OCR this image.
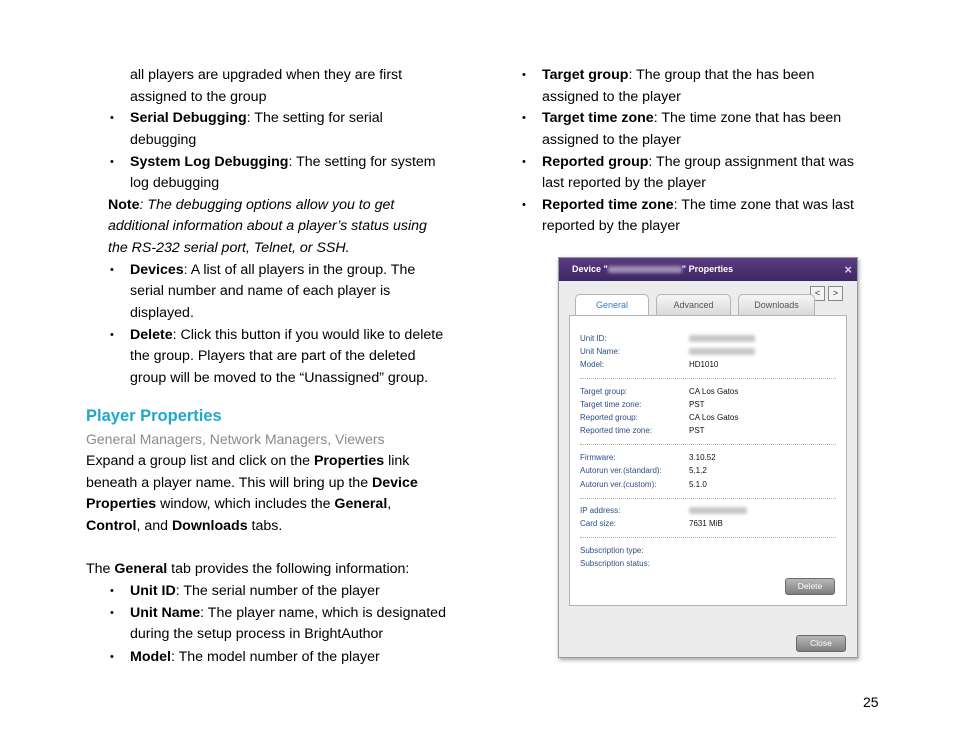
all players are upgraded when they are first
assigned to the group
• Serial Debugging: The setting for serial
debugging
• System Log Debugging: The setting for system
log debugging
Note: The debugging options allow you to get
additional information about a player’s status using
the RS-232 serial port, Telnet, or SSH.
• Devices: A list of all players in the group. The
serial number and name of each player is
displayed.
• Delete: Click this button if you would like to delete
the group. Players that are part of the deleted
group will be moved to the “Unassigned” group.
Player Properties
General Managers, Network Managers, Viewers
Expand a group list and click on the Properties link
beneath a player name. This will bring up the Device
Properties window, which includes the General,
Control, and Downloads tabs.
The General tab provides the following information:
• Unit ID: The serial number of the player
• Unit Name: The player name, which is designated
during the setup process in BrightAuthor
• Model: The model number of the player
• Target group: The group that the has been
assigned to the player
• Target time zone: The time zone that has been
assigned to the player
• Reported group: The group assignment that was
last reported by the player
• Reported time zone: The time zone that was last
reported by the player
Device "	" Properties	×
<	>
General	Advanced	Downloads
Unit ID:
Unit Name:
Model:	HD1010
Target group:	CA Los Gatos
Target time zone:	PST
Reported group:	CA Los Gatos
Reported time zone:	PST
Firmware:	3.10.52
Autorun ver.(standard):	5.1.2
Autorun ver.(custom):	5.1.0
IP address:
Card size:	7631 MiB
Subscription type:
Subscription status:
Delete
Close
25
